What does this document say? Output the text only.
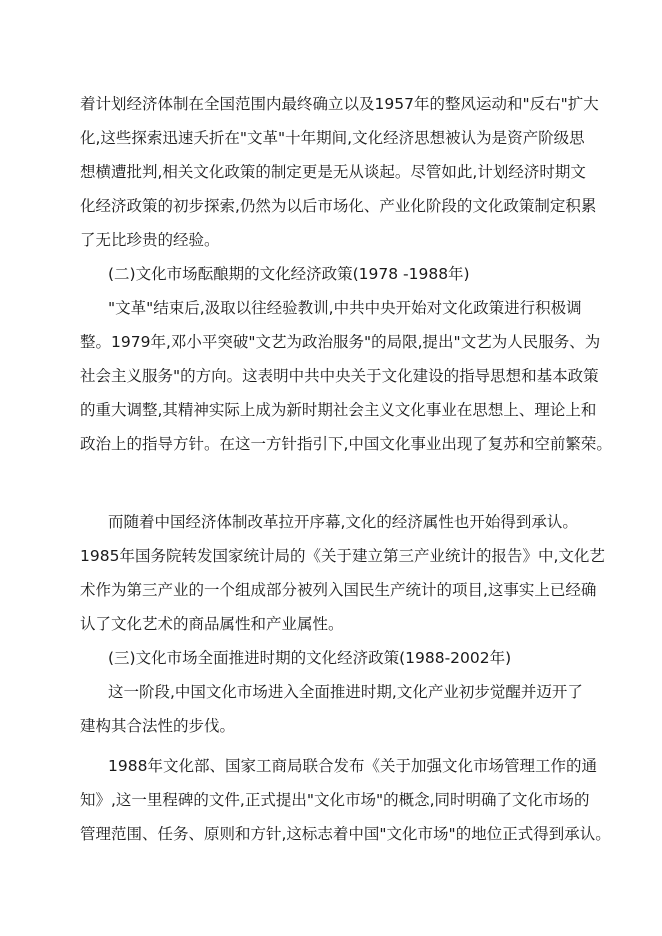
着计划经济体制在全国范围内最终确立以及1957年的整风运动和"反右"扩大

化,这些探索迅速夭折在"文革"十年期间,文化经济思想被认为是资产阶级思

想横遭批判,相关文化政策的制定更是无从谈起。尽管如此,计划经济时期文

化经济政策的初步探索,仍然为以后市场化、产业化阶段的文化政策制定积累

了无比珍贵的经验。

(二)文化市场酝酿期的文化经济政策(1978 -1988年)

"文革"结束后,汲取以往经验教训,中共中央开始对文化政策进行积极调

整。1979年,邓小平突破"文艺为政治服务"的局限,提出"文艺为人民服务、为

社会主义服务"的方向。这表明中共中央关于文化建设的指导思想和基本政策

的重大调整,其精神实际上成为新时期社会主义文化事业在思想上、理论上和

政治上的指导方针。在这一方针指引下,中国文化事业出现了复苏和空前繁荣。

而随着中国经济体制改革拉开序幕,文化的经济属性也开始得到承认。

1985年国务院转发国家统计局的《关于建立第三产业统计的报告》中,文化艺

术作为第三产业的一个组成部分被列入国民生产统计的项目,这事实上已经确

认了文化艺术的商品属性和产业属性。

(三)文化市场全面推进时期的文化经济政策(1988-2002年)

这一阶段,中国文化市场进入全面推进时期,文化产业初步觉醒并迈开了

建构其合法性的步伐。

1988年文化部、国家工商局联合发布《关于加强文化市场管理工作的通

知》,这一里程碑的文件,正式提出"文化市场"的概念,同时明确了文化市场的

管理范围、任务、原则和方针,这标志着中国"文化市场"的地位正式得到承认。
